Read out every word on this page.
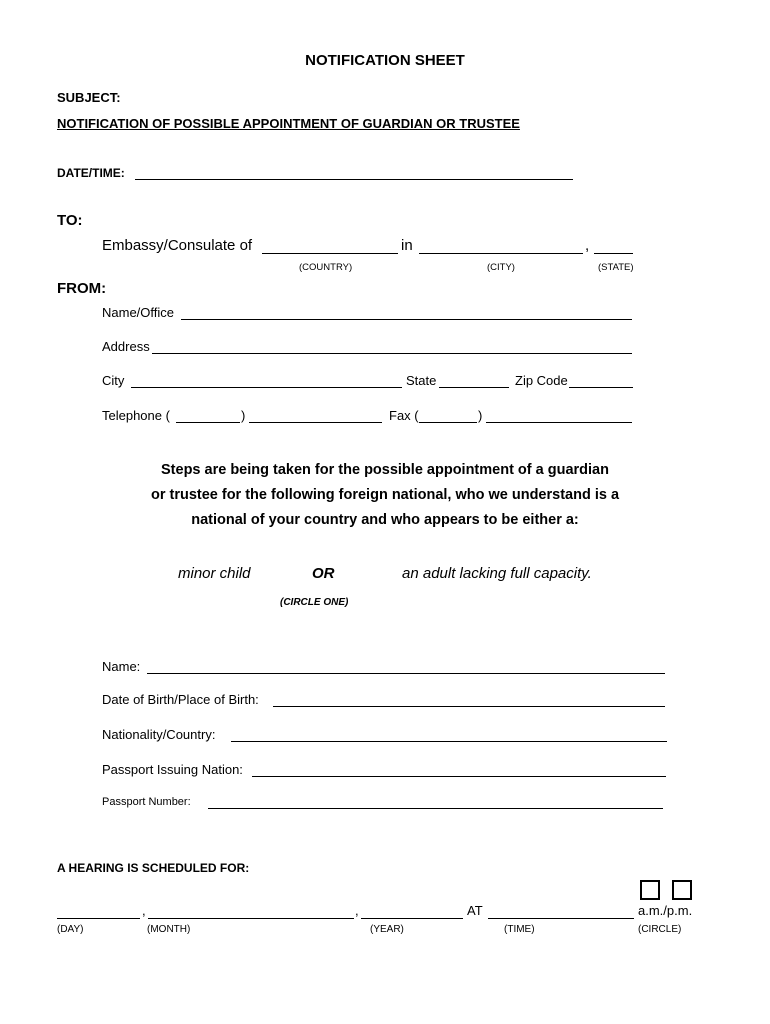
NOTIFICATION SHEET
SUBJECT:
NOTIFICATION OF POSSIBLE APPOINTMENT OF GUARDIAN OR TRUSTEE
DATE/TIME:
TO:
Embassy/Consulate of	in	,
(COUNTRY)	(CITY)	(STATE)
FROM:
Name/Office
Address
City	State	Zip Code
Telephone (	)	Fax (	)
Steps are being taken for the possible appointment of a guardian
or trustee for the following foreign national, who we understand is a
national of your country and who appears to be either a:
minor child	OR	an adult lacking full capacity.
(CIRCLE ONE)
Name:
Date of Birth/Place of Birth:
Nationality/Country:
Passport Issuing Nation:
Passport Number:
A HEARING IS SCHEDULED FOR:
,	,	AT	a.m./p.m.
(DAY)	(MONTH)	(YEAR)	(TIME)	(CIRCLE)
